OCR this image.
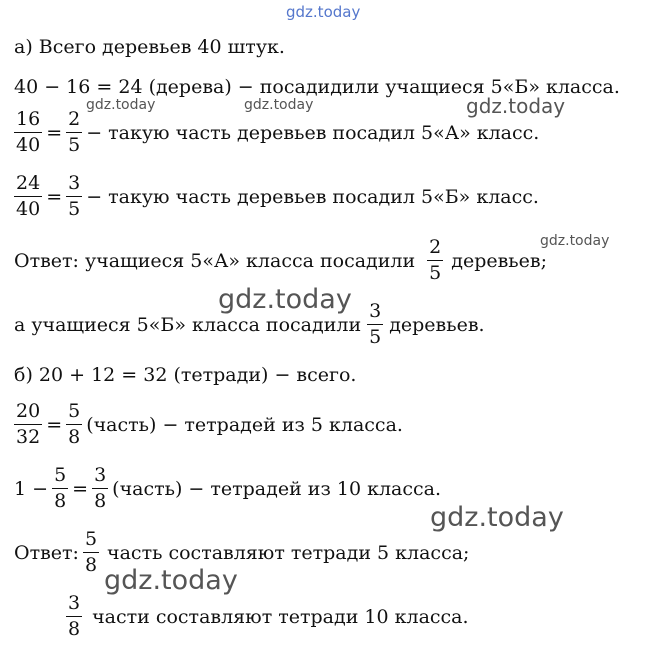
gdz.today
gdz.today	gdz.today	gdz.today
gdz.today
gdz.today
gdz.today
gdz.today
а) Всего деревьев 40 штук.
40 − 16 = 24 (дерева) − посадидили учащиеся 5«Б» класса.
$\frac{16}{40} = \frac{2}{5}$ − такую часть деревьев посадил 5«А» класс.
$\frac{24}{40} = \frac{3}{5}$ − такую часть деревьев посадил 5«Б» класс.
Ответ: учащиеся 5«А» класса посадили $\frac{2}{5}$ деревьев;
а учащиеся 5«Б» класса посадили $\frac{3}{5}$ деревьев.
б) 20 + 12 = 32 (тетради) − всего.
$\frac{20}{32} = \frac{5}{8}$ (часть) − тетрадей из 5 класса.
$1 - \frac{5}{8} = \frac{3}{8}$ (часть) − тетрадей из 10 класса.
Ответ: $\frac{5}{8}$ часть составляют тетради 5 класса;
$\frac{3}{8}$ части составляют тетради 10 класса.
